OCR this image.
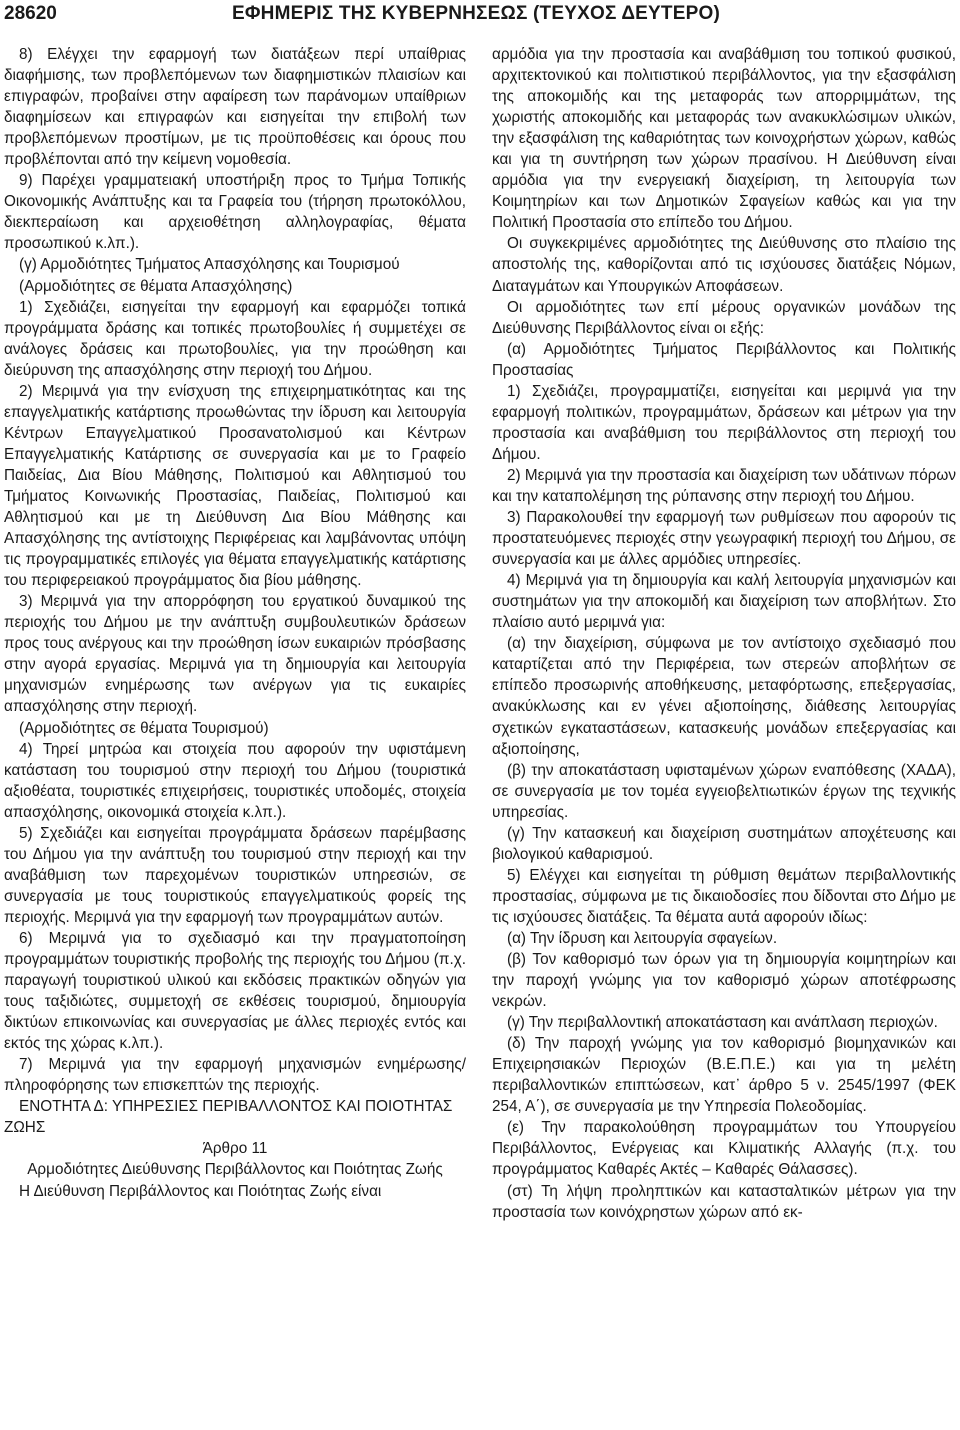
28620	ΕΦΗΜΕΡΙΣ ΤΗΣ ΚΥΒΕΡΝΗΣΕΩΣ (ΤΕΥΧΟΣ ΔΕΥΤΕΡΟ)

8) Ελέγχει την εφαρμογή των διατάξεων περί υπαίθριας διαφήμισης, των προβλεπόμενων των διαφημιστικών πλαισίων και επιγραφών, προβαίνει στην αφαίρεση των παράνομων υπαίθριων διαφημίσεων και επιγραφών και εισηγείται την επιβολή των προβλεπόμενων προστίμων, με τις προϋποθέσεις και όρους που προβλέπονται από την κείμενη νομοθεσία.

9) Παρέχει γραμματειακή υποστήριξη προς το Τμήμα Τοπικής Οικονομικής Ανάπτυξης και τα Γραφεία του (τήρηση πρωτοκόλλου, διεκπεραίωση και αρχειοθέτηση αλληλογραφίας, θέματα προσωπικού κ.λπ.).

(γ) Αρμοδιότητες Τμήματος Απασχόλησης και Τουρισμού

(Αρμοδιότητες σε θέματα Απασχόλησης)

1) Σχεδιάζει, εισηγείται την εφαρμογή και εφαρμόζει τοπικά προγράμματα δράσης και τοπικές πρωτοβουλίες ή συμμετέχει σε ανάλογες δράσεις και πρωτοβουλίες, για την προώθηση και διεύρυνση της απασχόλησης στην περιοχή του Δήμου.

2) Μεριμνά για την ενίσχυση της επιχειρηματικότητας και της επαγγελματικής κατάρτισης προωθώντας την ίδρυση και λειτουργία Κέντρων Επαγγελματικού Προσανατολισμού και Κέντρων Επαγγελματικής Κατάρτισης σε συνεργασία και με το Γραφείο Παιδείας, Δια Βίου Μάθησης, Πολιτισμού και Αθλητισμού του Τμήματος Κοινωνικής Προστασίας, Παιδείας, Πολιτισμού και Αθλητισμού και με τη Διεύθυνση Δια Βίου Μάθησης και Απασχόλησης της αντίστοιχης Περιφέρειας και λαμβάνοντας υπόψη τις προγραμματικές επιλογές για θέματα επαγγελματικής κατάρτισης του περιφερειακού προγράμματος δια βίου μάθησης.

3) Μεριμνά για την απορρόφηση του εργατικού δυναμικού της περιοχής του Δήμου με την ανάπτυξη συμβουλευτικών δράσεων προς τους ανέργους και την προώθηση ίσων ευκαιριών πρόσβασης στην αγορά εργασίας. Μεριμνά για τη δημιουργία και λειτουργία μηχανισμών ενημέρωσης των ανέργων για τις ευκαιρίες απασχόλησης στην περιοχή.

(Αρμοδιότητες σε θέματα Τουρισμού)

4) Τηρεί μητρώα και στοιχεία που αφορούν την υφιστάμενη κατάσταση του τουρισμού στην περιοχή του Δήμου (τουριστικά αξιοθέατα, τουριστικές επιχειρήσεις, τουριστικές υποδομές, στοιχεία απασχόλησης, οικονομικά στοιχεία κ.λπ.).

5) Σχεδιάζει και εισηγείται προγράμματα δράσεων παρέμβασης του Δήμου για την ανάπτυξη του τουρισμού στην περιοχή και την αναβάθμιση των παρεχομένων τουριστικών υπηρεσιών, σε συνεργασία με τους τουριστικούς επαγγελματικούς φορείς της περιοχής. Μεριμνά για την εφαρμογή των προγραμμάτων αυτών.

6) Μεριμνά για το σχεδιασμό και την πραγματοποίηση προγραμμάτων τουριστικής προβολής της περιοχής του Δήμου (π.χ. παραγωγή τουριστικού υλικού και εκδόσεις πρακτικών οδηγών για τους ταξιδιώτες, συμμετοχή σε εκθέσεις τουρισμού, δημιουργία δικτύων επικοινωνίας και συνεργασίας με άλλες περιοχές εντός και εκτός της χώρας κ.λπ.).

7) Μεριμνά για την εφαρμογή μηχανισμών ενημέρωσης/πληροφόρησης των επισκεπτών της περιοχής.

ΕΝΟΤΗΤΑ Δ: ΥΠΗΡΕΣΙΕΣ ΠΕΡΙΒΑΛΛΟΝΤΟΣ ΚΑΙ ΠΟΙΟΤΗΤΑΣ ΖΩΗΣ

Άρθρο 11

Αρμοδιότητες Διεύθυνσης Περιβάλλοντος και Ποιότητας Ζωής

Η Διεύθυνση Περιβάλλοντος και Ποιότητας Ζωής είναι

αρμόδια για την προστασία και αναβάθμιση του τοπικού φυσικού, αρχιτεκτονικού και πολιτιστικού περιβάλλοντος, για την εξασφάλιση της αποκομιδής και της μεταφοράς των απορριμμάτων, της χωριστής αποκομιδής και μεταφοράς των ανακυκλώσιμων υλικών, την εξασφάλιση της καθαριότητας των κοινοχρήστων χώρων, καθώς και για τη συντήρηση των χώρων πρασίνου. Η Διεύθυνση είναι αρμόδια για την ενεργειακή διαχείριση, τη λειτουργία των Κοιμητηρίων και των Δημοτικών Σφαγείων καθώς και για την Πολιτική Προστασία στο επίπεδο του Δήμου.

Οι συγκεκριμένες αρμοδιότητες της Διεύθυνσης στο πλαίσιο της αποστολής της, καθορίζονται από τις ισχύουσες διατάξεις Νόμων, Διαταγμάτων και Υπουργικών Αποφάσεων.

Οι αρμοδιότητες των επί μέρους οργανικών μονάδων της Διεύθυνσης Περιβάλλοντος είναι οι εξής:

(α) Αρμοδιότητες Τμήματος Περιβάλλοντος και Πολιτικής Προστασίας

1) Σχεδιάζει, προγραμματίζει, εισηγείται και μεριμνά για την εφαρμογή πολιτικών, προγραμμάτων, δράσεων και μέτρων για την προστασία και αναβάθμιση του περιβάλλοντος στη περιοχή του Δήμου.

2) Μεριμνά για την προστασία και διαχείριση των υδάτινων πόρων και την καταπολέμηση της ρύπανσης στην περιοχή του Δήμου.

3) Παρακολουθεί την εφαρμογή των ρυθμίσεων που αφορούν τις προστατευόμενες περιοχές στην γεωγραφική περιοχή του Δήμου, σε συνεργασία και με άλλες αρμόδιες υπηρεσίες.

4) Μεριμνά για τη δημιουργία και καλή λειτουργία μηχανισμών και συστημάτων για την αποκομιδή και διαχείριση των αποβλήτων. Στο πλαίσιο αυτό μεριμνά για:

(α) την διαχείριση, σύμφωνα με τον αντίστοιχο σχεδιασμό που καταρτίζεται από την Περιφέρεια, των στερεών αποβλήτων σε επίπεδο προσωρινής αποθήκευσης, μεταφόρτωσης, επεξεργασίας, ανακύκλωσης και εν γένει αξιοποίησης, διάθεσης λειτουργίας σχετικών εγκαταστάσεων, κατασκευής μονάδων επεξεργασίας και αξιοποίησης,

(β) την αποκατάσταση υφισταμένων χώρων εναπόθεσης (ΧΑΔΑ), σε συνεργασία με τον τομέα εγγειοβελτιωτικών έργων της τεχνικής υπηρεσίας.

(γ) Την κατασκευή και διαχείριση συστημάτων αποχέτευσης και βιολογικού καθαρισμού.

5) Ελέγχει και εισηγείται τη ρύθμιση θεμάτων περιβαλλοντικής προστασίας, σύμφωνα με τις δικαιοδοσίες που δίδονται στο Δήμο με τις ισχύουσες διατάξεις. Τα θέματα αυτά αφορούν ιδίως:

(α) Την ίδρυση και λειτουργία σφαγείων.

(β) Τον καθορισμό των όρων για τη δημιουργία κοιμητηρίων και την παροχή γνώμης για τον καθορισμό χώρων αποτέφρωσης νεκρών.

(γ) Την περιβαλλοντική αποκατάσταση και ανάπλαση περιοχών.

(δ) Την παροχή γνώμης για τον καθορισμό βιομηχανικών και Επιχειρησιακών Περιοχών (Β.Ε.Π.Ε.) και για τη μελέτη περιβαλλοντικών επιπτώσεων, κατ᾽ άρθρο 5 ν. 2545/1997 (ΦΕΚ 254, Α΄), σε συνεργασία με την Υπηρεσία Πολεοδομίας.

(ε) Την παρακολούθηση προγραμμάτων του Υπουργείου Περιβάλλοντος, Ενέργειας και Κλιματικής Αλλαγής (π.χ. του προγράμματος Καθαρές Ακτές – Καθαρές Θάλασσες).

(στ) Τη λήψη προληπτικών και κατασταλτικών μέτρων για την προστασία των κοινόχρηστων χώρων από εκ-
